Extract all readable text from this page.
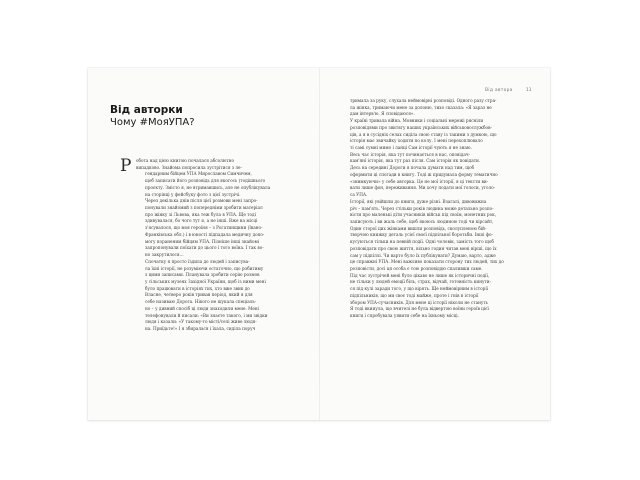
Від автора	11
Від авторки
Чому #МояУПА?
Р обота над цією книгою почалася абсолютно

випадково. Знайома попросила зустрітися з ле-

гендарним бійцем УПА Мирославом Симчичем,

щоб записати його розповідь для якогось (тодішнього

проєкту. Змісто я, не втримавшись, але не опублікувала

на сторінці у фейсбуку фото з цієї зустрічі.

Через декілька днів після цієї розмови мені запро-

понували знайомий з попередніми зробити матеріал

про жінку зі Львова, яка теж була в УПА. Ще тоді

здивувалася, бо чого тут я, а не інші. Вже на місці

з'ясувалося, що моя героїня – з Рогатинщини (Івано-

Франківська обл.) і в юності підпадала медичну допо-

могу пораненим бійцям УПА. Пізніше інші знайомі

запропонували поїхати до цього і того воїна. І так во-

но закрутилося…

Спочатку я просто їздила до людей і записува-

ла їхні історії, не розуміючи остаточно, що робитиму

з цими записами. Планувала зробити серію розмов

у сільських музеях Західної України, щоб із ними мені

було працювати в історіях тих, хто вже звик до

Власне, четверо років тривав період, який я для

себе називаю Дорога. Нікого не шукала спеціаль-

но – у дивний спосіб ці люди знаходили мене. Мені

телефонували й писали: «Ви знаєте такого, і ми звідки

людя і казали: «У такому-то місті/селі живе людя-

на. Приїдьте!» І я збиралася і їхала, сиділа поруч

тримала за руку, слухала неймовірні розповіді. Одного разу стра-

ла жінка, тримаючи мене за долоню, тихо сказала: «Я зараз не

дам інтерв'ю. Я сповідаюся».

У країні тривала війна. Мовники і соціальні мережі рясніли

розповідями про звитягу наших українських військовослужбов-

ців, а я в сусідніх селах сиділа свою ставу із такими з думкою, що

історія має звичайку ходити по колу. І мені перехоплювало

ті самі сумні мимо і ланці Сам історії чують я не знаю.

Весь час історія, яка тут починається в нас, оповідач-

кам'яні історія, яка тут раз після. Сам історія як повідати.

Десь на середині Дороги я почала думати над тим, щоб

оформити ці спогади в книгу. Тоді ж придумала форму тематично

«знимкуючи» у себе авторка. Це не мої історії, я ці тексти ви-

вати лише фон, переживання. Ми хочу подати мої голоси, уголо-

са УПА.

Історії, які увійшли до книги, дуже різні. Взагалі, дивовижна

річ – пам'ять. Через стільки років людина може детально розпо-

вісти про маленькі діти учасників військ під своїм, монетних рок,

записують і ви жаль себе, щоб якоюсь людиною тоді чи кірсайт,

Один сторої цих жінками вишли розповідь, сколупленою бій-

творчою книжку деталь усієї своєї підпільної боротьби. Інші фо-

кусуються тільки на певній події. Одні чоловік, замість того щоб

розповідати про свою життя, вільно годин читав мені вірші, що їх

сам у підпіллі. Чи варто було їх публікувати? Думаю, варто, адже

це справжні УПА. Мені важливо показати сторону тих людей, тих до

розповісти, досі ця особа є тою розповіддю спаливши саме.

Під час зустрічей мені було цікаво не лише як історичні події,

не тільки у людей емоції біль, страх, відчай, готовність кинути-

ся під кулі заради того, у що вірять. Ще неймовірним в історії

підпільників, що ми своє тоді майже, проте і гнів в історії

збором УПА-сучасників. Для мене ці історії ніколи не стануть

Я тоді вкинула, що вчителі не була відвертою воїни героїв цієї

книги і спробувала уявити себе на їхньому місці.
